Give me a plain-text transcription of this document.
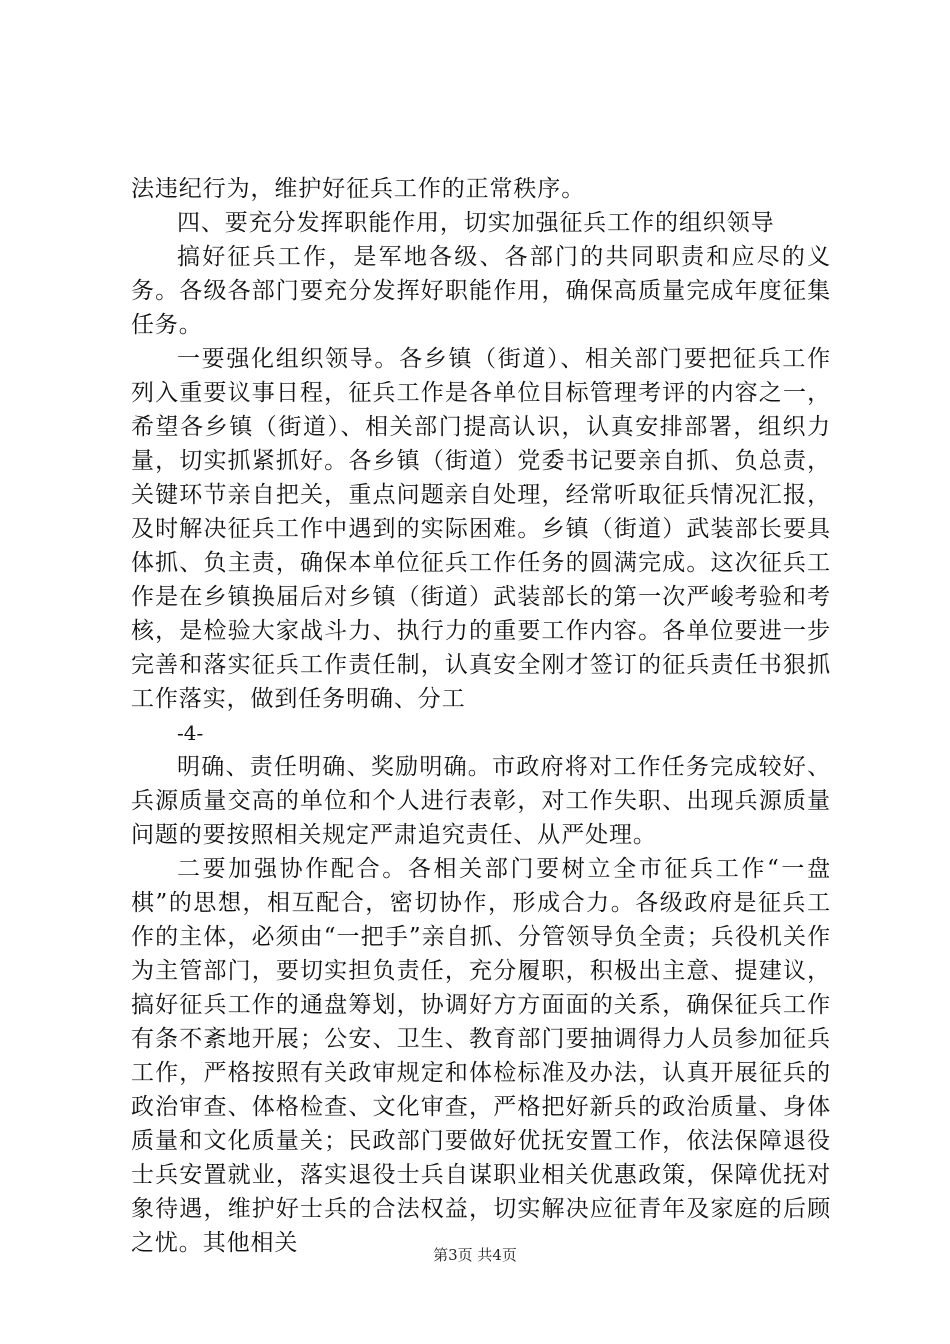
法违纪行为，维护好征兵工作的正常秩序。

四、要充分发挥职能作用，切实加强征兵工作的组织领导

搞好征兵工作，是军地各级、各部门的共同职责和应尽的义务。各级各部门要充分发挥好职能作用，确保高质量完成年度征集任务。

一要强化组织领导。各乡镇（街道）、相关部门要把征兵工作列入重要议事日程，征兵工作是各单位目标管理考评的内容之一，希望各乡镇（街道）、相关部门提高认识，认真安排部署，组织力量，切实抓紧抓好。各乡镇（街道）党委书记要亲自抓、负总责，关键环节亲自把关，重点问题亲自处理，经常听取征兵情况汇报，及时解决征兵工作中遇到的实际困难。乡镇（街道）武装部长要具体抓、负主责，确保本单位征兵工作任务的圆满完成。这次征兵工作是在乡镇换届后对乡镇（街道）武装部长的第一次严峻考验和考核，是检验大家战斗力、执行力的重要工作内容。各单位要进一步完善和落实征兵工作责任制，认真安全刚才签订的征兵责任书狠抓工作落实，做到任务明确、分工

-4-

明确、责任明确、奖励明确。市政府将对工作任务完成较好、兵源质量交高的单位和个人进行表彰，对工作失职、出现兵源质量问题的要按照相关规定严肃追究责任、从严处理。

二要加强协作配合。各相关部门要树立全市征兵工作“一盘棋”的思想，相互配合，密切协作，形成合力。各级政府是征兵工作的主体，必须由“一把手”亲自抓、分管领导负全责；兵役机关作为主管部门，要切实担负责任，充分履职，积极出主意、提建议，搞好征兵工作的通盘筹划，协调好方方面面的关系，确保征兵工作有条不紊地开展；公安、卫生、教育部门要抽调得力人员参加征兵工作，严格按照有关政审规定和体检标准及办法，认真开展征兵的政治审查、体格检查、文化审查，严格把好新兵的政治质量、身体质量和文化质量关；民政部门要做好优抚安置工作，依法保障退役士兵安置就业，落实退役士兵自谋职业相关优惠政策，保障优抚对象待遇，维护好士兵的合法权益，切实解决应征青年及家庭的后顾之忧。其他相关	第3页 共4页
